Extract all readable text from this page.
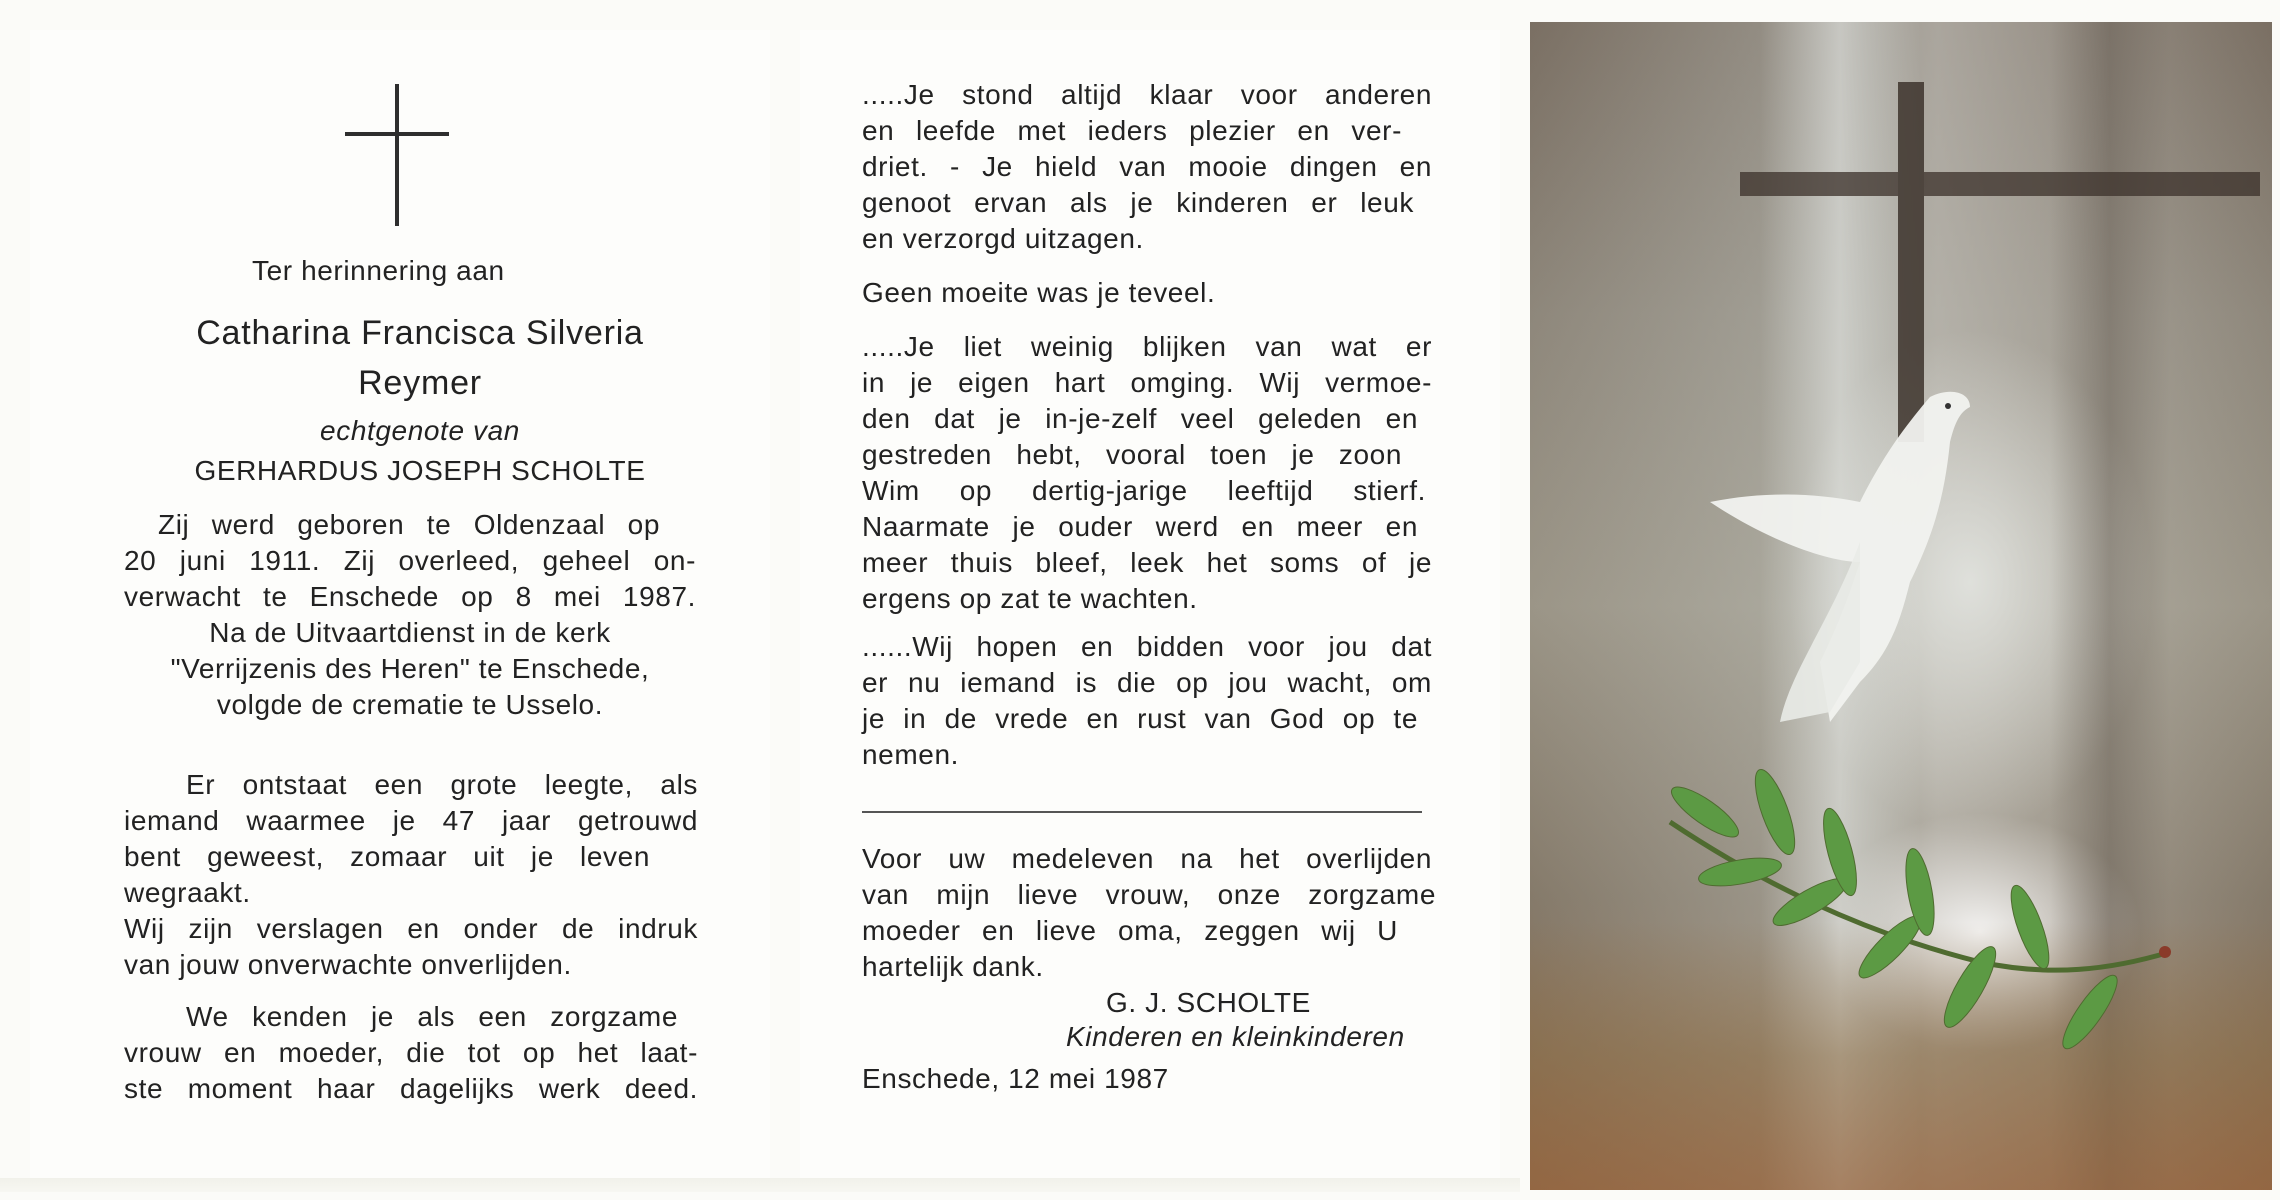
Ter herinnering aan
Catharina Francisca Silveria
Reymer
echtgenote van
GERHARDUS JOSEPH SCHOLTE
Zij werd geboren te Oldenzaal op
20 juni 1911. Zij overleed, geheel on-
verwacht te Enschede op 8 mei 1987.
Na de Uitvaartdienst in de kerk
"Verrijzenis des Heren" te Enschede,
volgde de crematie te Usselo.
Er ontstaat een grote leegte, als
iemand waarmee je 47 jaar getrouwd
bent geweest, zomaar uit je leven
wegraakt.
Wij zijn verslagen en onder de indruk
van jouw onverwachte onverlijden.
We kenden je als een zorgzame
vrouw en moeder, die tot op het laat-
ste moment haar dagelijks werk deed.
.....Je stond altijd klaar voor anderen
en leefde met ieders plezier en ver-
driet. - Je hield van mooie dingen en
genoot ervan als je kinderen er leuk
en verzorgd uitzagen.
Geen moeite was je teveel.
.....Je liet weinig blijken van wat er
in je eigen hart omging. Wij vermoe-
den dat je in-je-zelf veel geleden en
gestreden hebt, vooral toen je zoon
Wim op dertig-jarige leeftijd stierf.
Naarmate je ouder werd en meer en
meer thuis bleef, leek het soms of je
ergens op zat te wachten.
......Wij hopen en bidden voor jou dat
er nu iemand is die op jou wacht, om
je in de vrede en rust van God op te
nemen.
Voor uw medeleven na het overlijden
van mijn lieve vrouw, onze zorgzame
moeder en lieve oma, zeggen wij U
hartelijk dank.
G. J. SCHOLTE
Kinderen en kleinkinderen
Enschede, 12 mei 1987
